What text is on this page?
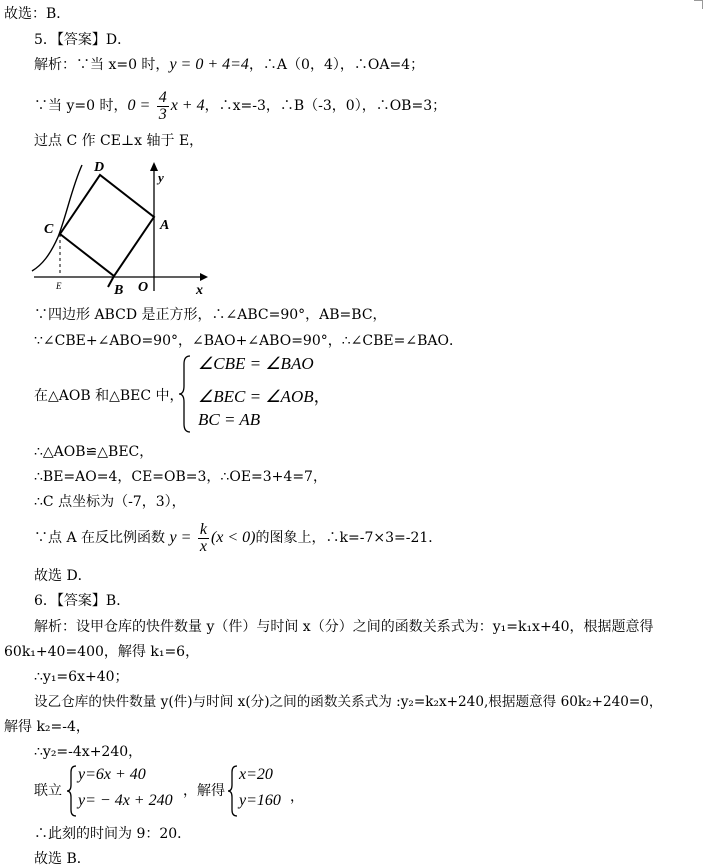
故选：B．
5．【答案】D．
解析：∵当 x=0 时，y = 0 + 4=4，∴A（0，4），∴OA=4；
∵当 y=0 时，$0 = \frac{4}{3}$ x + 4，∴x=-3，∴B（-3，0），∴OB=3；
过点 C 作 CE⊥x 轴于 E，
D
y
A
C
E	B O	x
∵四边形 ABCD 是正方形，∴∠ABC=90°，AB=BC，
∵∠CBE+∠ABO=90°，∠BAO+∠ABO=90°，∴∠CBE=∠BAO．
在△AOB 和△BEC 中，
∠CBE = ∠BAO
∠BEC = ∠AOB，
BC = AB
∴△AOB≌△BEC，
∴BE=AO=4，CE=OB=3，∴OE=3+4=7，
∴C 点坐标为（-7，3），
∵点 A 在反比例函数 $y = \frac{k}{x} (x < 0)$的图象上，∴k=-7×3=-21．
故选 D．
6．【答案】B．
解析：设甲仓库的快件数量 y（件）与时间 x（分）之间的函数关系式为：y₁=k₁x+40，根据题意得
60k₁+40=400，解得 k₁=6，
∴y₁=6x+40；
设乙仓库的快件数量 y(件)与时间 x(分)之间的函数关系式为 :y₂=k₂x+240,根据题意得 60k₂+240=0，
解得 k₂=-4，
∴y₂=-4x+240，
联立
y=6x + 40
y= − 4x + 240
，解得
x=20
y=160 ，
∴此刻的时间为 9：20．
故选 B．
